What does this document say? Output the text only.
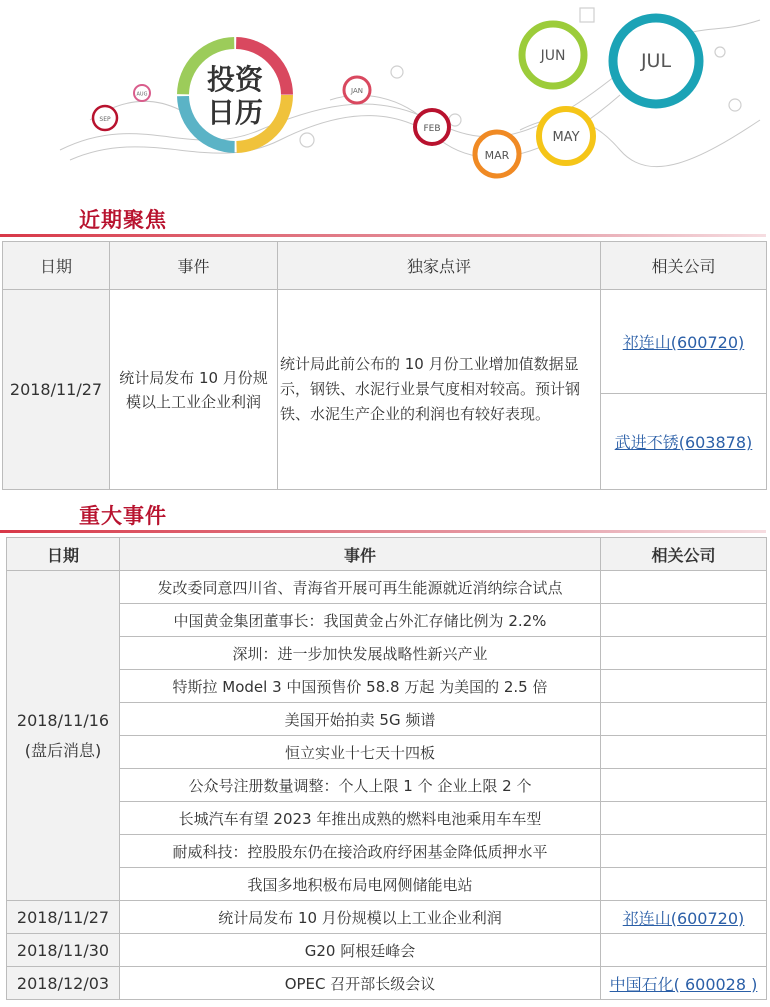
SEP
AUG 投资
日历
JAN
FEB
MAR
MAY
JUN	JUL
近期聚焦
日期	事件	独家点评	相关公司
2018/11/27	统计局发布 10 月份规模以上工业企业利润	统计局此前公布的 10 月份工业增加值数据显示，钢铁、水泥行业景气度相对较高。预计钢铁、水泥生产企业的利润也有较好表现。	祁连山(600720)
			武进不锈(603878)
重大事件
日期	事件	相关公司

2018/11/16
(盘后消息)	发改委同意四川省、青海省开展可再生能源就近消纳综合试点	
	中国黄金集团董事长：我国黄金占外汇存储比例为 2.2%	
	深圳：进一步加快发展战略性新兴产业	
	特斯拉 Model 3 中国预售价 58.8 万起 为美国的 2.5 倍	
	美国开始拍卖 5G 频谱	
	恒立实业十七天十四板	
	公众号注册数量调整：个人上限 1 个 企业上限 2 个	
	长城汽车有望 2023 年推出成熟的燃料电池乘用车车型	
	耐威科技：控股股东仍在接洽政府纾困基金降低质押水平	
	我国多地积极布局电网侧储能电站	
2018/11/27	统计局发布 10 月份规模以上工业企业利润	祁连山(600720)
2018/11/30	G20 阿根廷峰会	
2018/12/03	OPEC 召开部长级会议	中国石化( 600028 )
